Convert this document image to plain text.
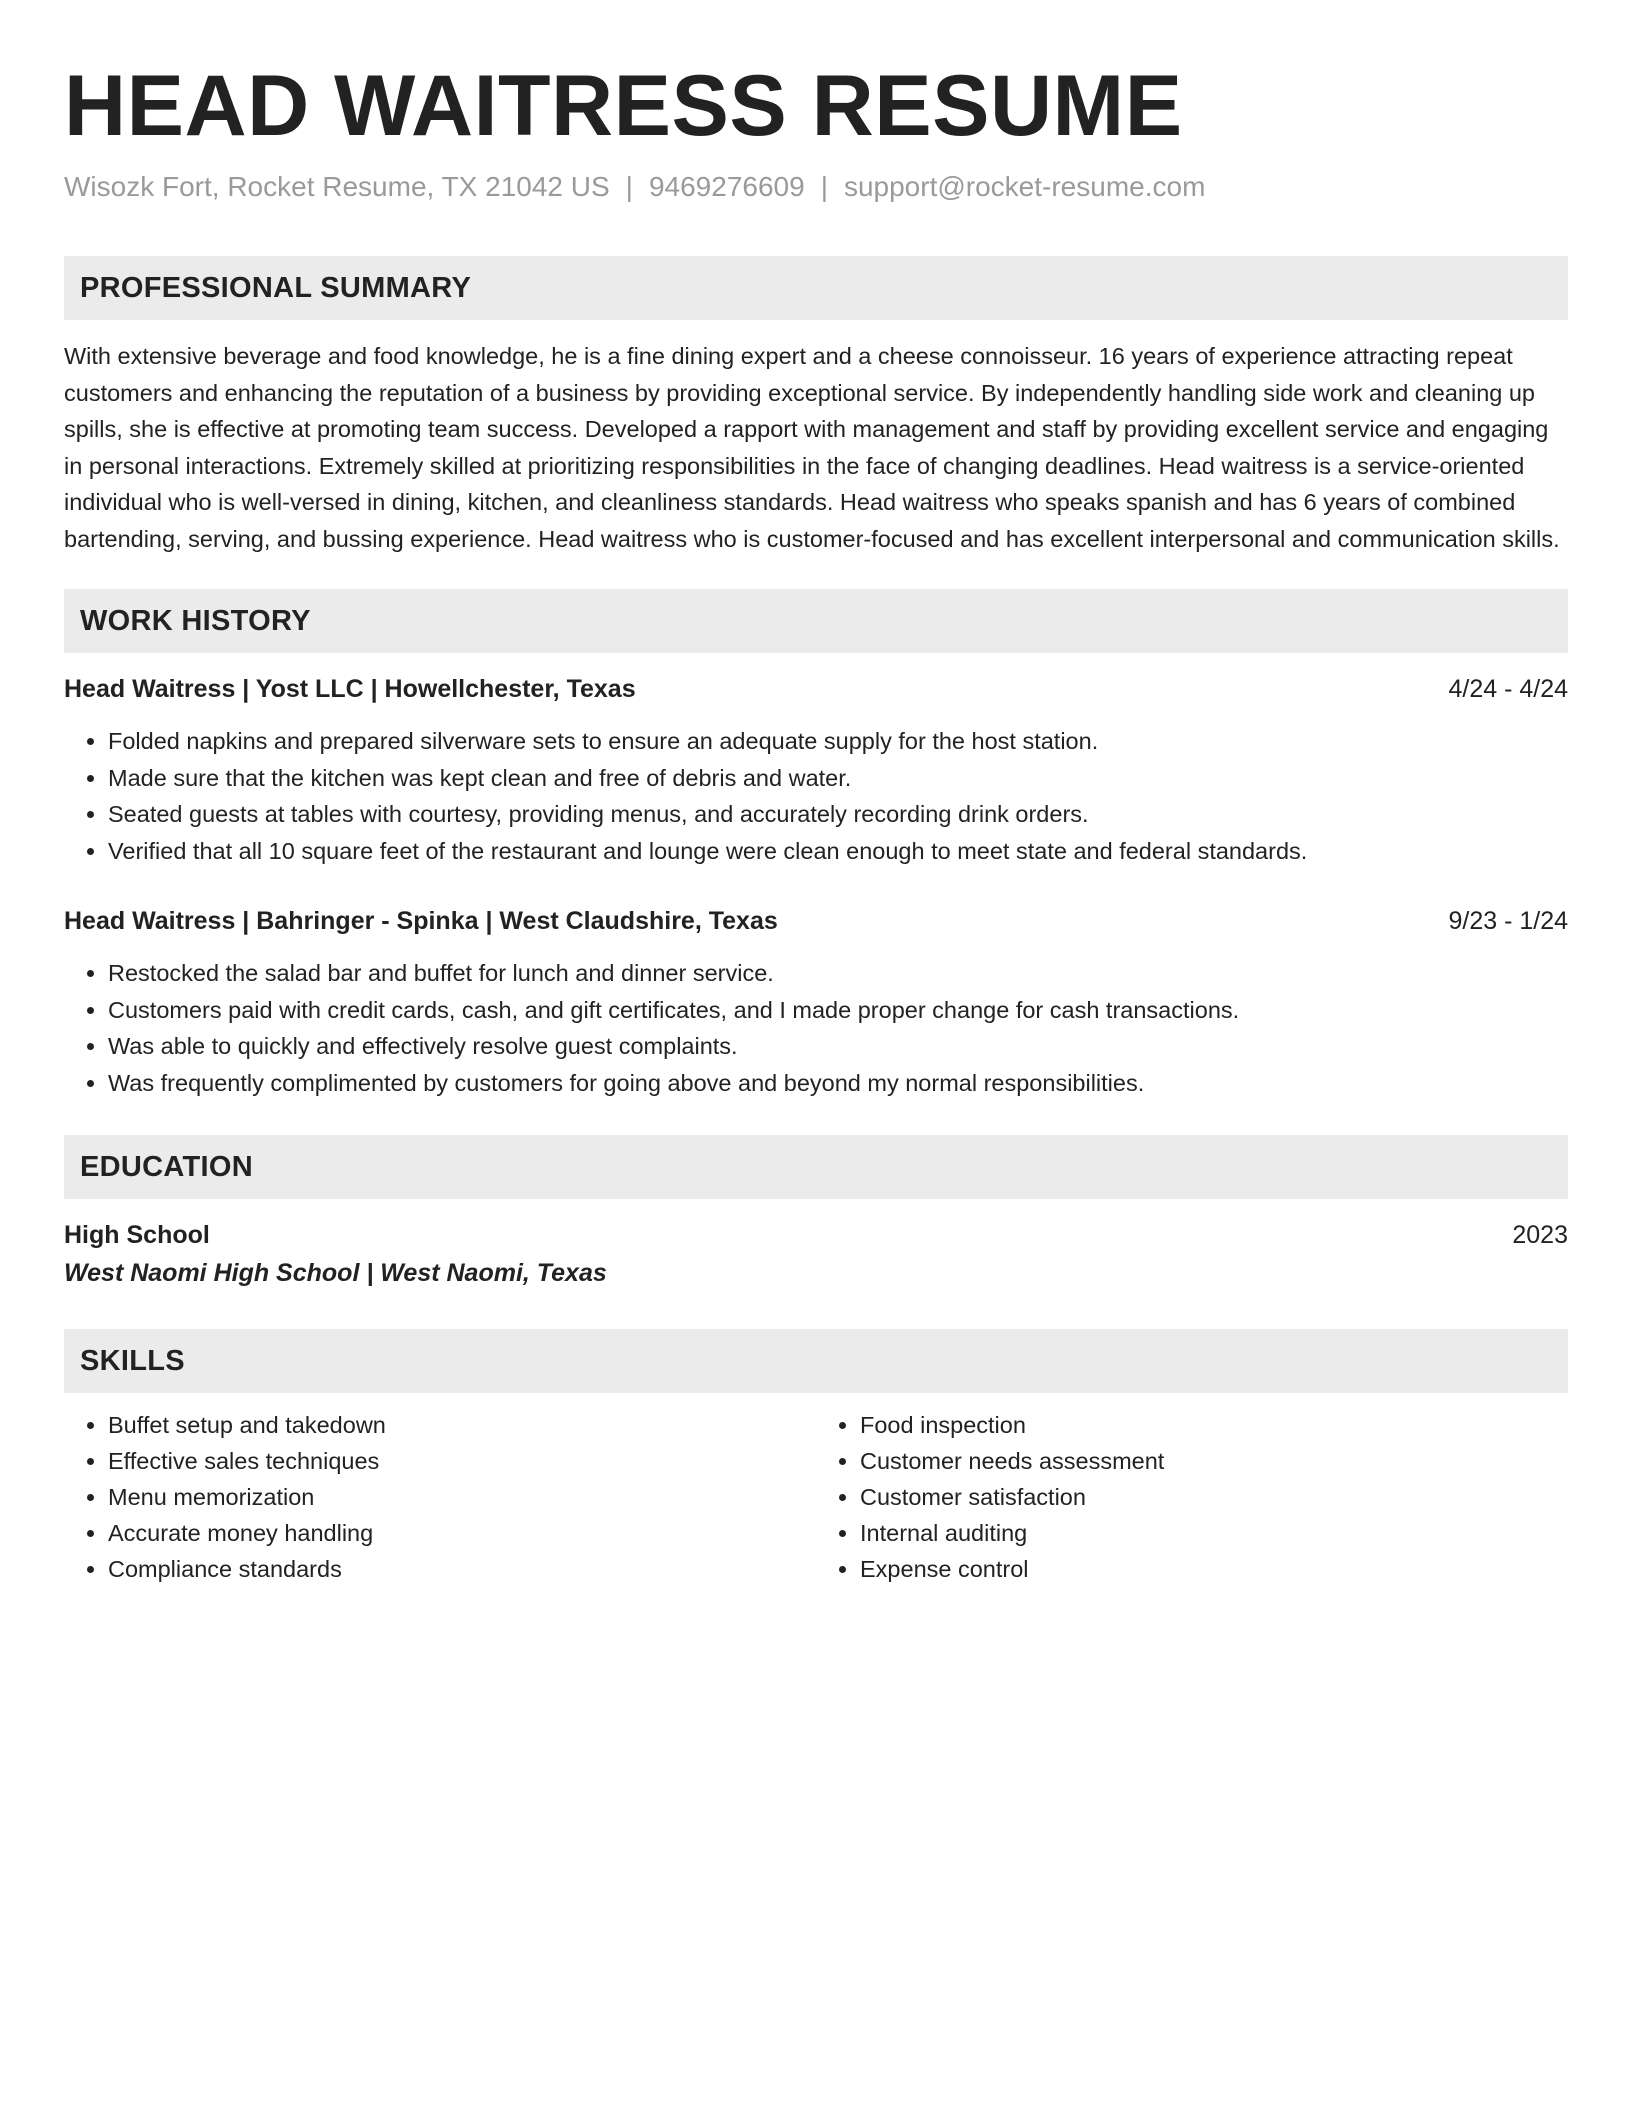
HEAD WAITRESS RESUME
Wisozk Fort, Rocket Resume, TX 21042 US | 9469276609 | support@rocket-resume.com
PROFESSIONAL SUMMARY
With extensive beverage and food knowledge, he is a fine dining expert and a cheese connoisseur. 16 years of experience attracting repeat customers and enhancing the reputation of a business by providing exceptional service. By independently handling side work and cleaning up spills, she is effective at promoting team success. Developed a rapport with management and staff by providing excellent service and engaging in personal interactions. Extremely skilled at prioritizing responsibilities in the face of changing deadlines. Head waitress is a service-oriented individual who is well-versed in dining, kitchen, and cleanliness standards. Head waitress who speaks spanish and has 6 years of combined bartending, serving, and bussing experience. Head waitress who is customer-focused and has excellent interpersonal and communication skills.
WORK HISTORY
Head Waitress | Yost LLC | Howellchester, Texas	4/24 - 4/24
• Folded napkins and prepared silverware sets to ensure an adequate supply for the host station.
• Made sure that the kitchen was kept clean and free of debris and water.
• Seated guests at tables with courtesy, providing menus, and accurately recording drink orders.
• Verified that all 10 square feet of the restaurant and lounge were clean enough to meet state and federal standards.
Head Waitress | Bahringer - Spinka | West Claudshire, Texas	9/23 - 1/24
• Restocked the salad bar and buffet for lunch and dinner service.
• Customers paid with credit cards, cash, and gift certificates, and I made proper change for cash transactions.
• Was able to quickly and effectively resolve guest complaints.
• Was frequently complimented by customers for going above and beyond my normal responsibilities.
EDUCATION
High School	2023
West Naomi High School | West Naomi, Texas
SKILLS
• Buffet setup and takedown
• Effective sales techniques
• Menu memorization
• Accurate money handling
• Compliance standards
• Food inspection
• Customer needs assessment
• Customer satisfaction
• Internal auditing
• Expense control
